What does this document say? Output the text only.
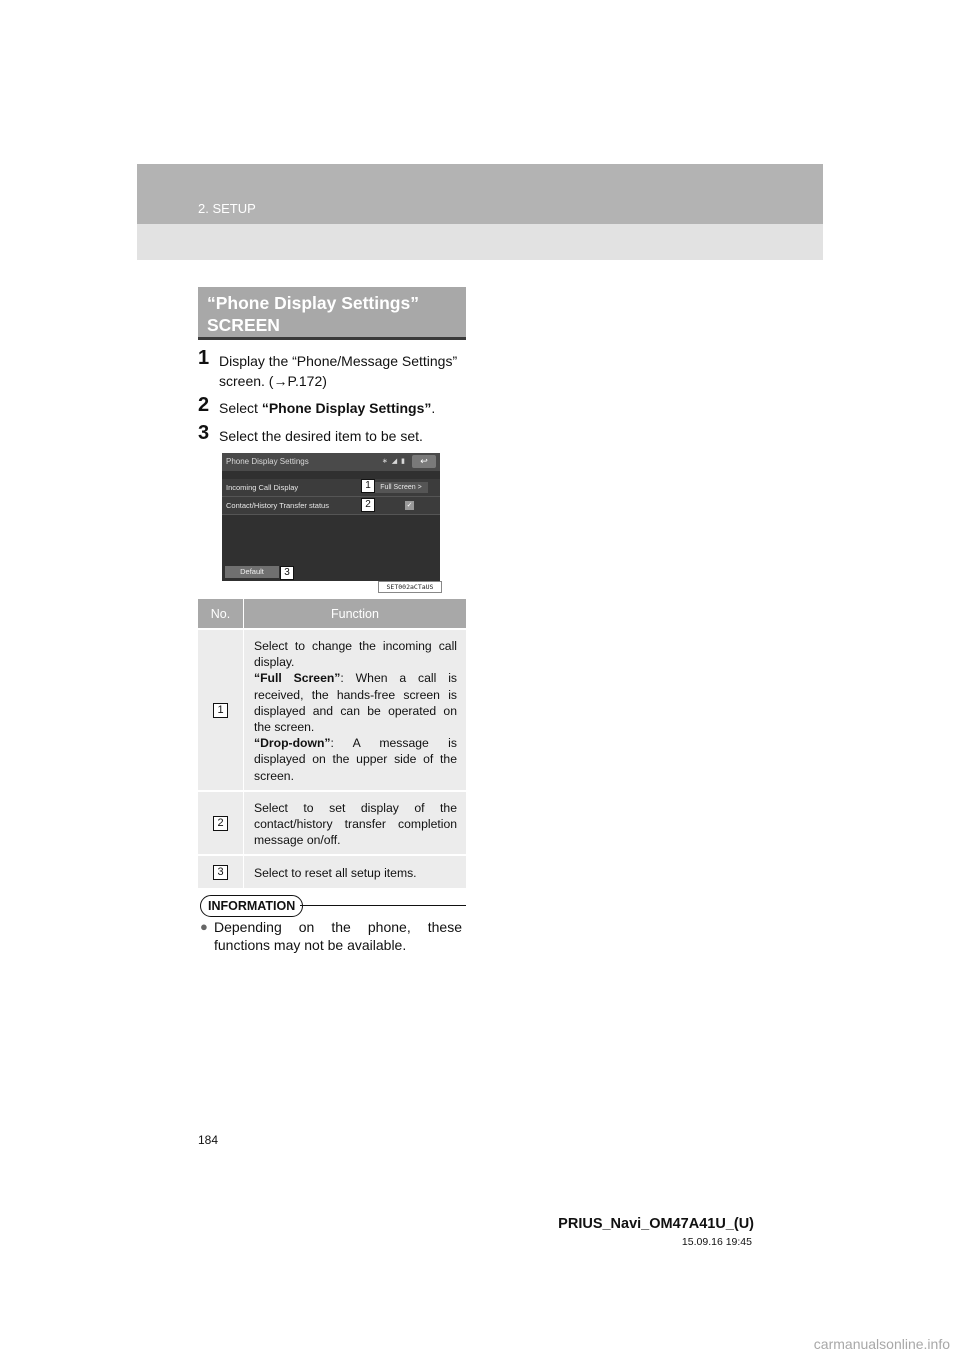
2. SETUP
“Phone Display Settings”
SCREEN
1 Display the “Phone/Message Settings” screen. (→P.172)
2 Select “Phone Display Settings”.
3 Select the desired item to be set.
Phone Display Settings	∗ ◢ ▮	↩
Incoming Call Display	Full Screen >
Contact/History Transfer status	✓
Default
1
2
3
SET002aCTaUS
No.	Function
1	Select to change the incoming call display.
“Full Screen”: When a call is received, the hands-free screen is displayed and can be operated on the screen.
“Drop-down”: A message is displayed on the upper side of the screen.

2	Select to set display of the contact/history transfer completion message on/off.

3	Select to reset all setup items.
INFORMATION
● Depending on the phone, these functions may not be available.
184
PRIUS_Navi_OM47A41U_(U)
15.09.16 19:45
carmanualsonline.info
